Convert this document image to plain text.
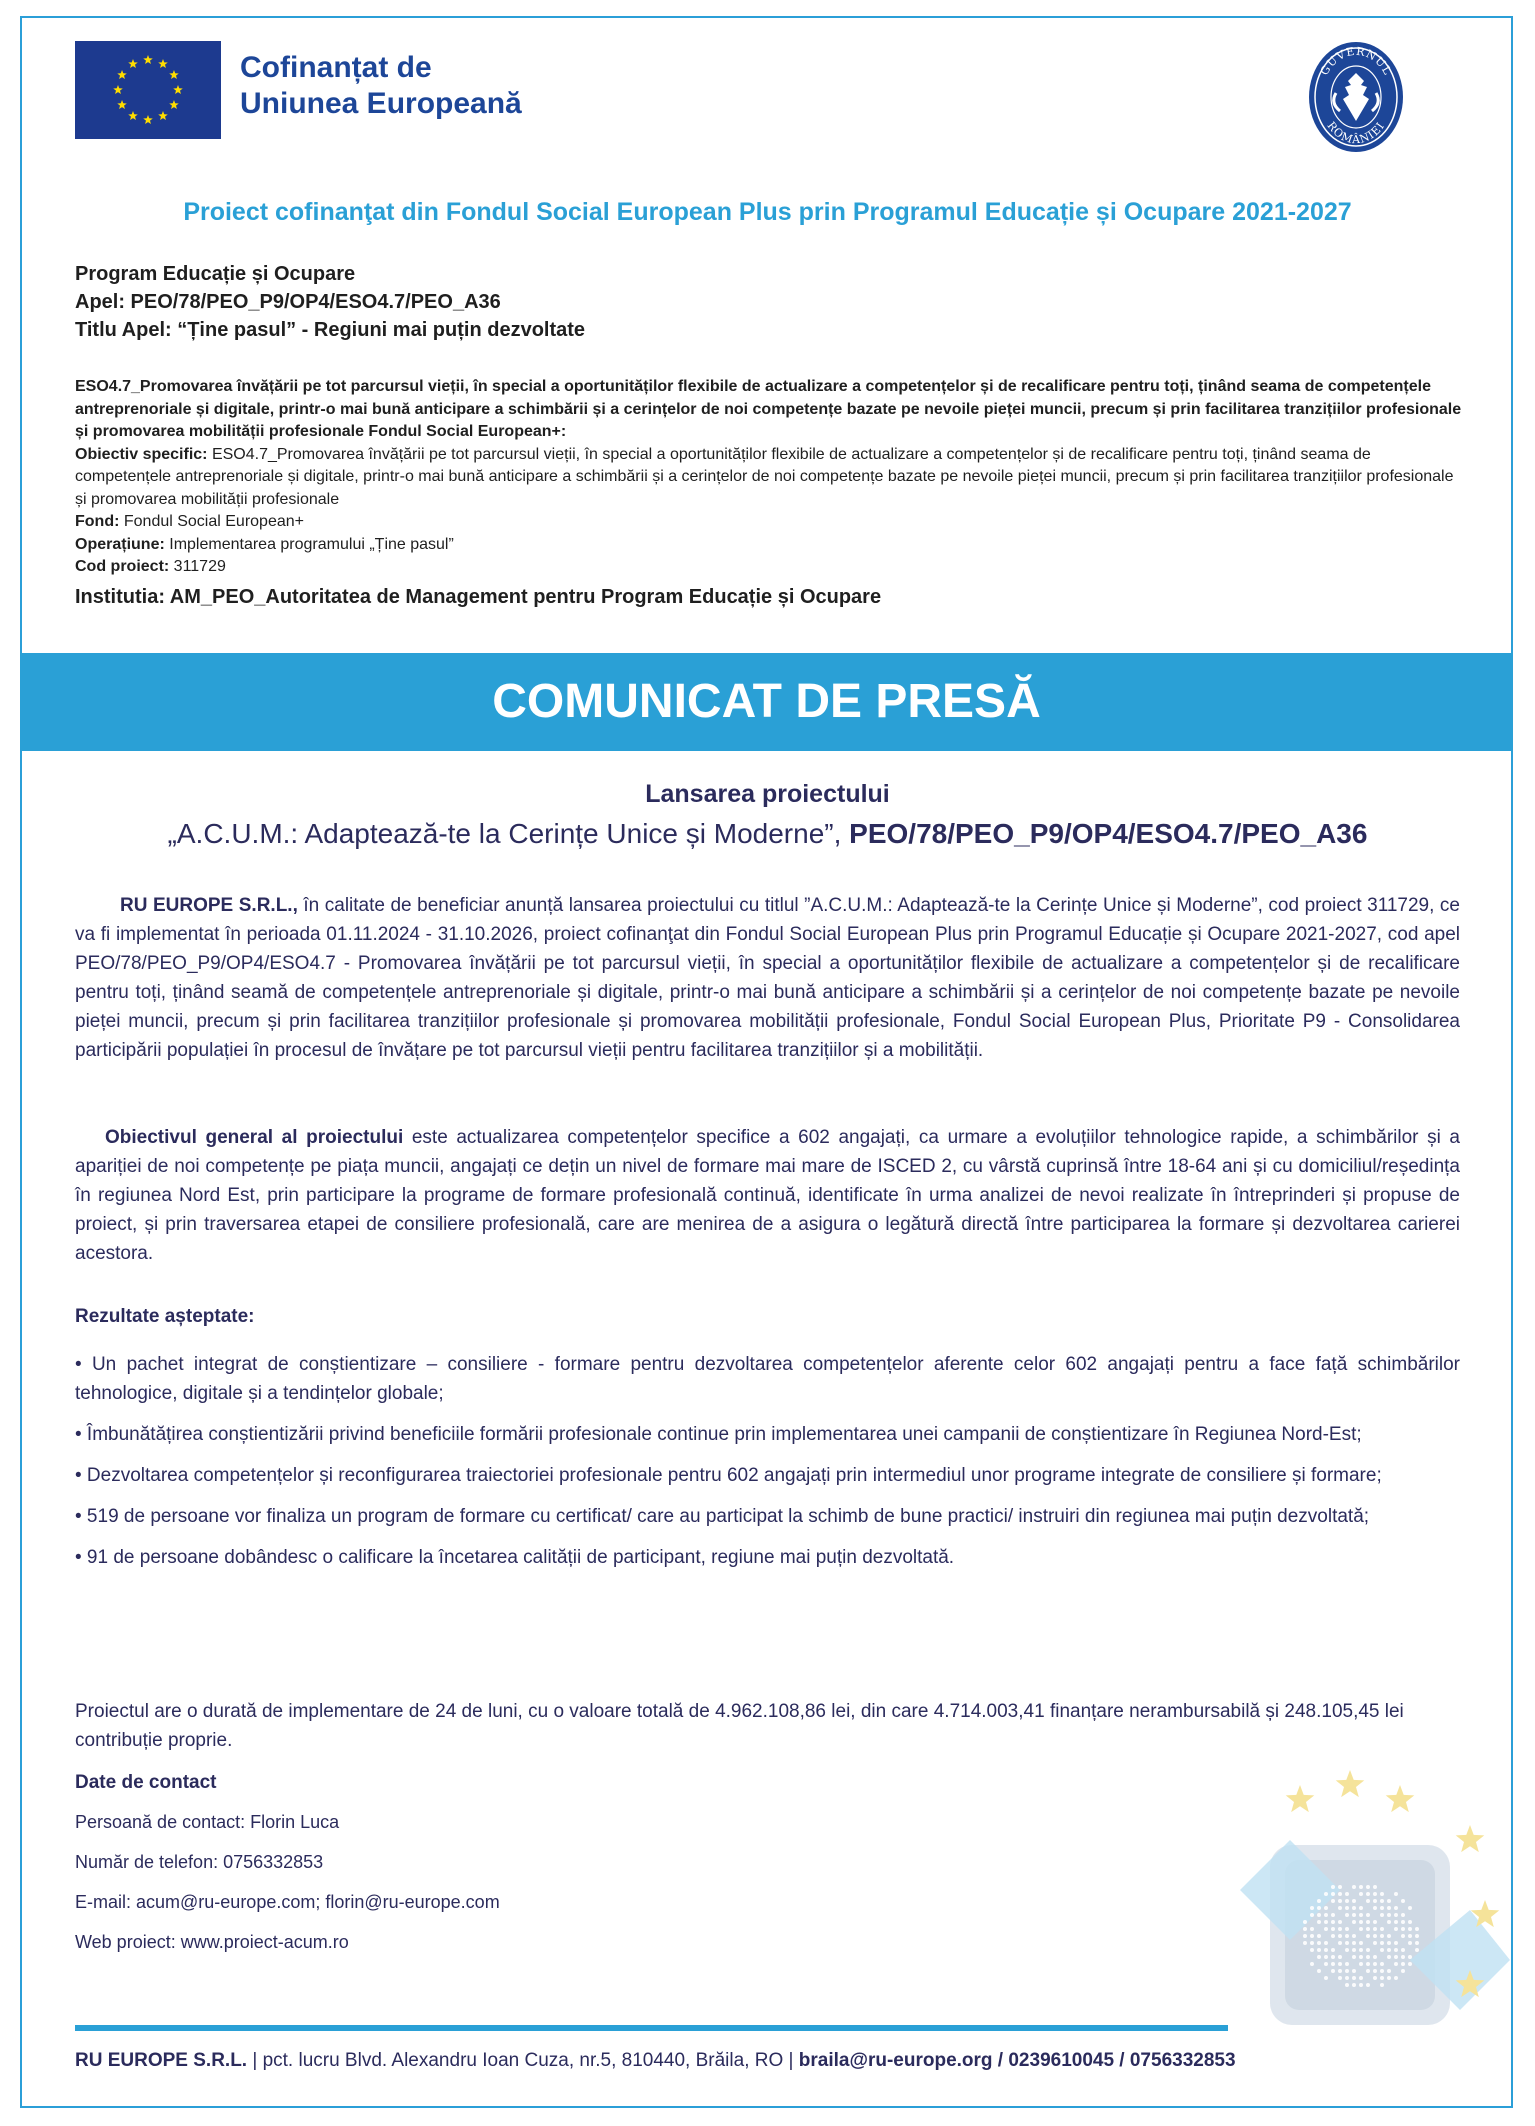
Cofinanțat de
Uniunea Europeană
GUVERNUL
ROMÂNIEI
Proiect cofinanţat din Fondul Social European Plus prin Programul Educație și Ocupare 2021-2027
Program Educație și Ocupare
Apel: PEO/78/PEO_P9/OP4/ESO4.7/PEO_A36
Titlu Apel: “Ține pasul” - Regiuni mai puțin dezvoltate
ESO4.7_Promovarea învățării pe tot parcursul vieții, în special a oportunităților flexibile de actualizare a competențelor și de recalificare pentru toți, ținând seama de competențele antreprenoriale și digitale, printr-o mai bună anticipare a schimbării și a cerințelor de noi competențe bazate pe nevoile pieței muncii, precum și prin facilitarea tranzițiilor profesionale și promovarea mobilității profesionale Fondul Social European+:
Obiectiv specific: ESO4.7_Promovarea învățării pe tot parcursul vieții, în special a oportunităților flexibile de actualizare a competențelor și de recalificare pentru toți, ținând seama de competențele antreprenoriale și digitale, printr-o mai bună anticipare a schimbării și a cerințelor de noi competențe bazate pe nevoile pieței muncii, precum și prin facilitarea tranzițiilor profesionale și promovarea mobilității profesionale
Fond: Fondul Social European+
Operațiune: Implementarea programului „Ține pasul”
Cod proiect: 311729
Institutia: AM_PEO_Autoritatea de Management pentru Program Educație și Ocupare
COMUNICAT DE PRESĂ
Lansarea proiectului
„A.C.U.M.: Adaptează-te la Cerințe Unice și Moderne”, PEO/78/PEO_P9/OP4/ESO4.7/PEO_A36
RU EUROPE S.R.L., în calitate de beneficiar anunță lansarea proiectului cu titlul ”A.C.U.M.: Adaptează-te la Cerințe Unice și Moderne”, cod proiect 311729, ce va fi implementat în perioada 01.11.2024 - 31.10.2026, proiect cofinanţat din Fondul Social European Plus prin Programul Educație și Ocupare 2021-2027, cod apel PEO/78/PEO_P9/OP4/ESO4.7 - Promovarea învățării pe tot parcursul vieții, în special a oportunităților flexibile de actualizare a competențelor și de recalificare pentru toți, ținând seamă de competențele antreprenoriale și digitale, printr-o mai bună anticipare a schimbării și a cerințelor de noi competențe bazate pe nevoile pieței muncii, precum și prin facilitarea tranzițiilor profesionale și promovarea mobilității profesionale, Fondul Social European Plus, Prioritate P9 - Consolidarea participării populației în procesul de învățare pe tot parcursul vieții pentru facilitarea tranzițiilor și a mobilității.
Obiectivul general al proiectului este actualizarea competențelor specifice a 602 angajați, ca urmare a evoluțiilor tehnologice rapide, a schimbărilor și a apariției de noi competențe pe piața muncii, angajați ce dețin un nivel de formare mai mare de ISCED 2, cu vârstă cuprinsă între 18-64 ani și cu domiciliul/reședința în regiunea Nord Est, prin participare la programe de formare profesională continuă, identificate în urma analizei de nevoi realizate în întreprinderi și propuse de proiect, și prin traversarea etapei de consiliere profesională, care are menirea de a asigura o legătură directă între participarea la formare și dezvoltarea carierei acestora.
Rezultate așteptate:
• Un pachet integrat de conștientizare – consiliere - formare pentru dezvoltarea competențelor aferente celor 602 angajați pentru a face față schimbărilor tehnologice, digitale și a tendințelor globale;
• Îmbunătățirea conștientizării privind beneficiile formării profesionale continue prin implementarea unei campanii de conștientizare în Regiunea Nord-Est;
• Dezvoltarea competențelor și reconfigurarea traiectoriei profesionale pentru 602 angajați prin intermediul unor programe integrate de consiliere și formare;
• 519 de persoane vor finaliza un program de formare cu certificat/ care au participat la schimb de bune practici/ instruiri din regiunea mai puțin dezvoltată;
• 91 de persoane dobândesc o calificare la încetarea calității de participant, regiune mai puțin dezvoltată.
Proiectul are o durată de implementare de 24 de luni, cu o valoare totală de 4.962.108,86 lei, din care 4.714.003,41 finanțare nerambursabilă și 248.105,45 lei contribuție proprie.
Date de contact
Persoană de contact: Florin Luca
Număr de telefon: 0756332853
E-mail: acum@ru-europe.com; florin@ru-europe.com
Web proiect: www.proiect-acum.ro
RU EUROPE S.R.L. | pct. lucru Blvd. Alexandru Ioan Cuza, nr.5, 810440, Brăila, RO | braila@ru-europe.org / 0239610045 / 0756332853
